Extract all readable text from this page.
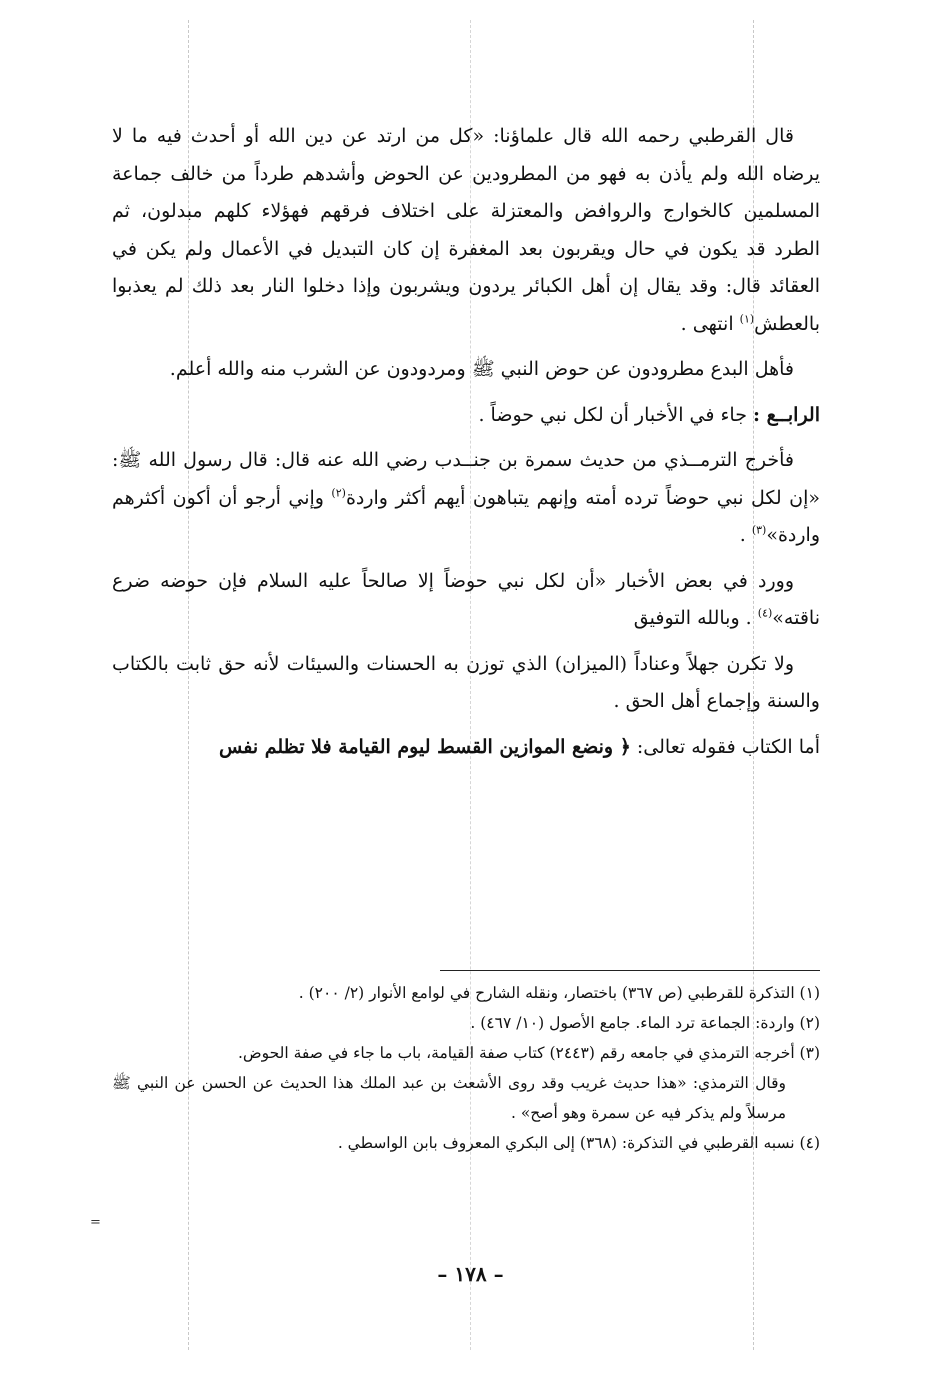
قال القرطبي رحمه الله قال علماؤنا: «كل من ارتد عن دين الله أو أحدث فيه ما لا يرضاه الله ولم يأذن به فهو من المطرودين عن الحوض وأشدهم طرداً من خالف جماعة المسلمين كالخوارج والروافض والمعتزلة على اختلاف فرقهم فهؤلاء كلهم مبدلون، ثم الطرد قد يكون في حال ويقربون بعد المغفرة إن كان التبديل في الأعمال ولم يكن في العقائد قال: وقد يقال إن أهل الكبائر يردون ويشربون وإذا دخلوا النار بعد ذلك لم يعذبوا بالعطش$^{(١)}$ انتهى .

فأهل البدع مطرودون عن حوض النبي ﷺ ومردودون عن الشرب منه والله أعلم.

الرابــع : جاء في الأخبار أن لكل نبي حوضاً .

فأخرج الترمــذي من حديث سمرة بن جنــدب رضي الله عنه قال: قال رسول الله ﷺ: «إن لكل نبي حوضاً ترده أمته وإنهم يتباهون أيهم أكثر واردة$^{(٢)}$ وإني أرجو أن أكون أكثرهم واردة»$^{(٣)}$ .

وورد في بعض الأخبار «أن لكل نبي حوضاً إلا صالحاً عليه السلام فإن حوضه ضرع ناقته»$^{(٤)}$ . وبالله التوفيق

ولا تكرن جهلاً وعناداً (الميزان) الذي توزن به الحسنات والسيئات لأنه حق ثابت بالكتاب والسنة وإجماع أهل الحق .

أما الكتاب فقوله تعالى: ﴿ ونضع الموازين القسط ليوم القيامة فلا تظلم نفس

(١) التذكرة للقرطبي (ص ٣٦٧) باختصار، ونقله الشارح في لوامع الأنوار (٢/ ٢٠٠) .

(٢) واردة: الجماعة ترد الماء. جامع الأصول (١٠/ ٤٦٧) .

(٣) أخرجه الترمذي في جامعه رقم (٢٤٤٣) كتاب صفة القيامة، باب ما جاء في صفة الحوض.

وقال الترمذي: «هذا حديث غريب وقد روى الأشعث بن عبد الملك هذا الحديث عن الحسن عن النبي ﷺ مرسلاً ولم يذكر فيه عن سمرة وهو أصح» .

(٤) نسبه القرطبي في التذكرة: (٣٦٨) إلى البكري المعروف بابن الواسطي .

=
– ١٧٨ –
